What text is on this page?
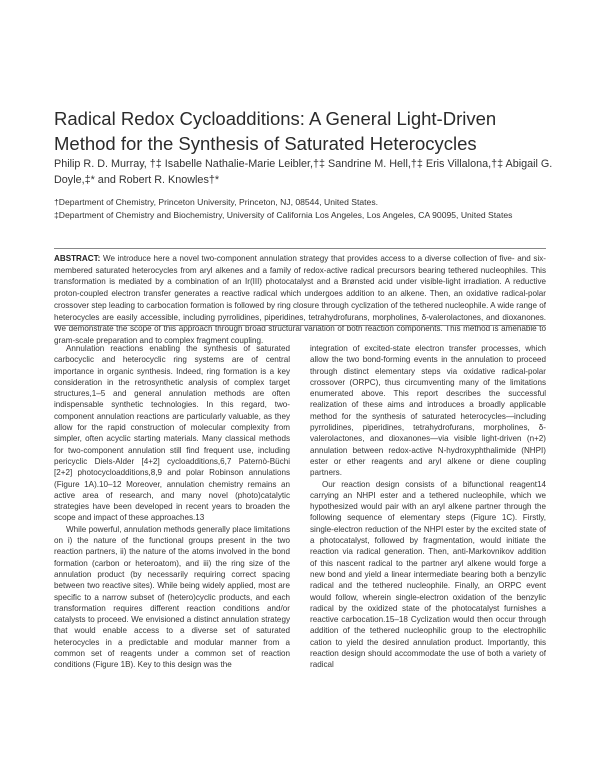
Radical Redox Cycloadditions: A General Light-Driven Method for the Synthesis of Saturated Heterocycles
Philip R. D. Murray, †‡ Isabelle Nathalie-Marie Leibler,†‡ Sandrine M. Hell,†‡ Eris Villalona,†‡ Abigail G. Doyle,‡* and Robert R. Knowles†*
†Department of Chemistry, Princeton University, Princeton, NJ, 08544, United States.
‡Department of Chemistry and Biochemistry, University of California Los Angeles, Los Angeles, CA 90095, United States
ABSTRACT: We introduce here a novel two-component annulation strategy that provides access to a diverse collection of five- and six-membered saturated heterocycles from aryl alkenes and a family of redox-active radical precursors bearing tethered nucleophiles. This transformation is mediated by a combination of an Ir(III) photocatalyst and a Brønsted acid under visible-light irradiation. A reductive proton-coupled electron transfer generates a reactive radical which undergoes addition to an alkene. Then, an oxidative radical-polar crossover step leading to carbocation formation is followed by ring closure through cyclization of the tethered nucleophile. A wide range of heterocycles are easily accessible, including pyrrolidines, piperidines, tetrahydrofurans, morpholines, δ-valerolactones, and dioxanones. We demonstrate the scope of this approach through broad structural variation of both reaction components. This method is amenable to gram-scale preparation and to complex fragment coupling.

Annulation reactions enabling the synthesis of saturated carbocyclic and heterocyclic ring systems are of central importance in organic synthesis. Indeed, ring formation is a key consideration in the retrosynthetic analysis of complex target structures,1–5 and general annulation methods are often indispensable synthetic technologies. In this regard, two-component annulation reactions are particularly valuable, as they allow for the rapid construction of molecular complexity from simpler, often acyclic starting materials. Many classical methods for two-component annulation still find frequent use, including pericyclic Diels-Alder [4+2] cycloadditions,6,7 Paternò-Büchi [2+2] photocycloadditions,8,9 and polar Robinson annulations (Figure 1A).10–12 Moreover, annulation chemistry remains an active area of research, and many novel (photo)catalytic strategies have been developed in recent years to broaden the scope and impact of these approaches.13

While powerful, annulation methods generally place limitations on i) the nature of the functional groups present in the two reaction partners, ii) the nature of the atoms involved in the bond formation (carbon or heteroatom), and iii) the ring size of the annulation product (by necessarily requiring correct spacing between two reactive sites). While being widely applied, most are specific to a narrow subset of (hetero)cyclic products, and each transformation requires different reaction conditions and/or catalysts to proceed. We envisioned a distinct annulation strategy that would enable access to a diverse set of saturated heterocycles in a predictable and modular manner from a common set of reagents under a common set of reaction conditions (Figure 1B). Key to this design was the

integration of excited-state electron transfer processes, which allow the two bond-forming events in the annulation to proceed through distinct elementary steps via oxidative radical-polar crossover (ORPC), thus circumventing many of the limitations enumerated above. This report describes the successful realization of these aims and introduces a broadly applicable method for the synthesis of saturated heterocycles—including pyrrolidines, piperidines, tetrahydrofurans, morpholines, δ-valerolactones, and dioxanones—via visible light-driven (n+2) annulation between redox-active N-hydroxyphthalimide (NHPI) ester or ether reagents and aryl alkene or diene coupling partners.

Our reaction design consists of a bifunctional reagent14 carrying an NHPI ester and a tethered nucleophile, which we hypothesized would pair with an aryl alkene partner through the following sequence of elementary steps (Figure 1C). Firstly, single-electron reduction of the NHPI ester by the excited state of a photocatalyst, followed by fragmentation, would initiate the reaction via radical generation. Then, anti-Markovnikov addition of this nascent radical to the partner aryl alkene would forge a new bond and yield a linear intermediate bearing both a benzylic radical and the tethered nucleophile. Finally, an ORPC event would follow, wherein single-electron oxidation of the benzylic radical by the oxidized state of the photocatalyst furnishes a reactive carbocation.15–18 Cyclization would then occur through addition of the tethered nucleophilic group to the electrophilic cation to yield the desired annulation product. Importantly, this reaction design should accommodate the use of both a variety of radical
